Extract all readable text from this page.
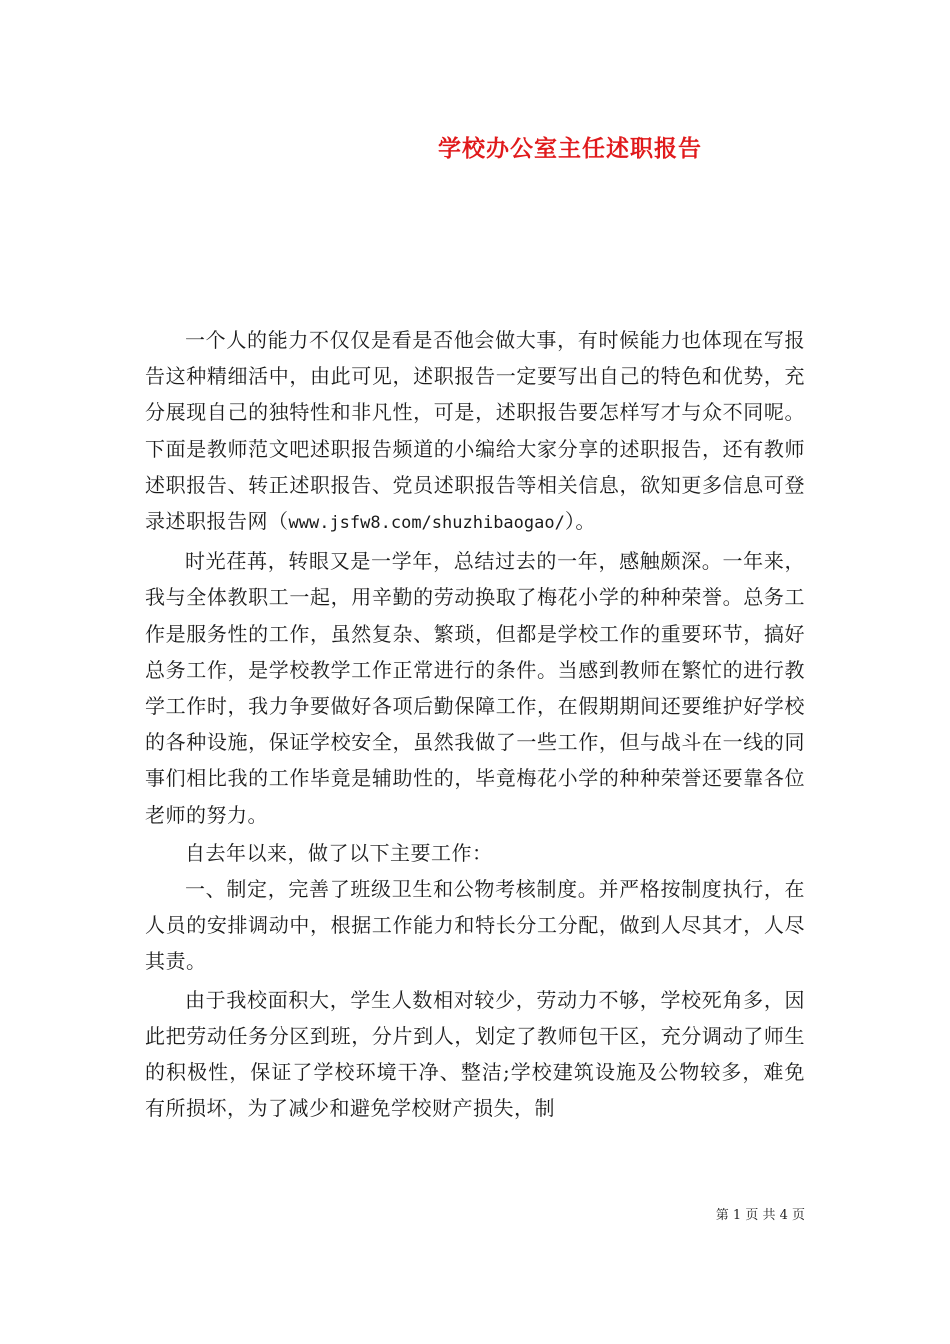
学校办公室主任述职报告

一个人的能力不仅仅是看是否他会做大事，有时候能力也体现在写报告这种精细活中，由此可见，述职报告一定要写出自己的特色和优势，充分展现自己的独特性和非凡性，可是，述职报告要怎样写才与众不同呢。下面是教师范文吧述职报告频道的小编给大家分享的述职报告，还有教师述职报告、转正述职报告、党员述职报告等相关信息，欲知更多信息可登录述职报告网（www.jsfw8.com/shuzhibaogao/）。

时光荏苒，转眼又是一学年，总结过去的一年，感触颇深。一年来，我与全体教职工一起，用辛勤的劳动换取了梅花小学的种种荣誉。总务工作是服务性的工作，虽然复杂、繁琐，但都是学校工作的重要环节，搞好总务工作，是学校教学工作正常进行的条件。当感到教师在繁忙的进行教学工作时，我力争要做好各项后勤保障工作，在假期期间还要维护好学校的各种设施，保证学校安全，虽然我做了一些工作，但与战斗在一线的同事们相比我的工作毕竟是辅助性的，毕竟梅花小学的种种荣誉还要靠各位老师的努力。

自去年以来，做了以下主要工作：

一、制定，完善了班级卫生和公物考核制度。并严格按制度执行，在人员的安排调动中，根据工作能力和特长分工分配，做到人尽其才，人尽其责。

由于我校面积大，学生人数相对较少，劳动力不够，学校死角多，因此把劳动任务分区到班，分片到人，划定了教师包干区，充分调动了师生的积极性，保证了学校环境干净、整洁;学校建筑设施及公物较多，难免有所损坏，为了减少和避免学校财产损失，制

第 1 页 共 4 页
